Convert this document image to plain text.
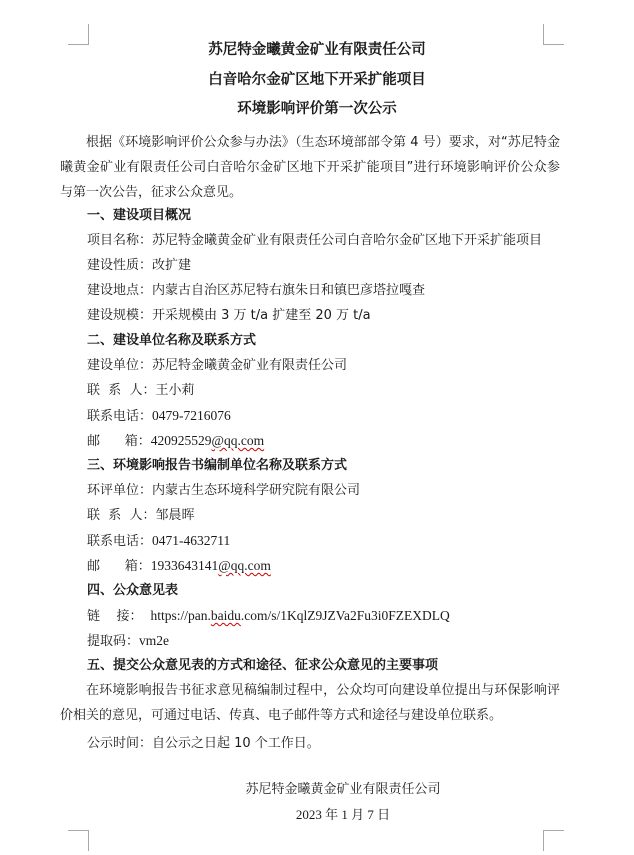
苏尼特金曦黄金矿业有限责任公司
白音哈尔金矿区地下开采扩能项目
环境影响评价第一次公示
根据《环境影响评价公众参与办法》（生态环境部部令第 4 号）要求，对“苏尼特金曦黄金矿业有限责任公司白音哈尔金矿区地下开采扩能项目”进行环境影响评价公众参与第一次公告，征求公众意见。
一、建设项目概况
项目名称：苏尼特金曦黄金矿业有限责任公司白音哈尔金矿区地下开采扩能项目
建设性质：改扩建
建设地点：内蒙古自治区苏尼特右旗朱日和镇巴彦塔拉嘎查
建设规模：开采规模由 3 万 t/a 扩建至 20 万 t/a
二、建设单位名称及联系方式
建设单位：苏尼特金曦黄金矿业有限责任公司
联  系  人：王小莉
联系电话：0479-7216076
邮      箱：420925529@qq.com
三、环境影响报告书编制单位名称及联系方式
环评单位：内蒙古生态环境科学研究院有限公司
联  系  人：邹晨晖
联系电话：0471-4632711
邮      箱：1933643141@qq.com
四、公众意见表
链    接： https://pan.baidu.com/s/1KqlZ9JZVa2Fu3i0FZEXDLQ
提取码：vm2e
五、提交公众意见表的方式和途径、征求公众意见的主要事项
在环境影响报告书征求意见稿编制过程中，公众均可向建设单位提出与环保影响评价相关的意见，可通过电话、传真、电子邮件等方式和途径与建设单位联系。
公示时间：自公示之日起 10 个工作日。
苏尼特金曦黄金矿业有限责任公司
2023 年 1 月 7 日
